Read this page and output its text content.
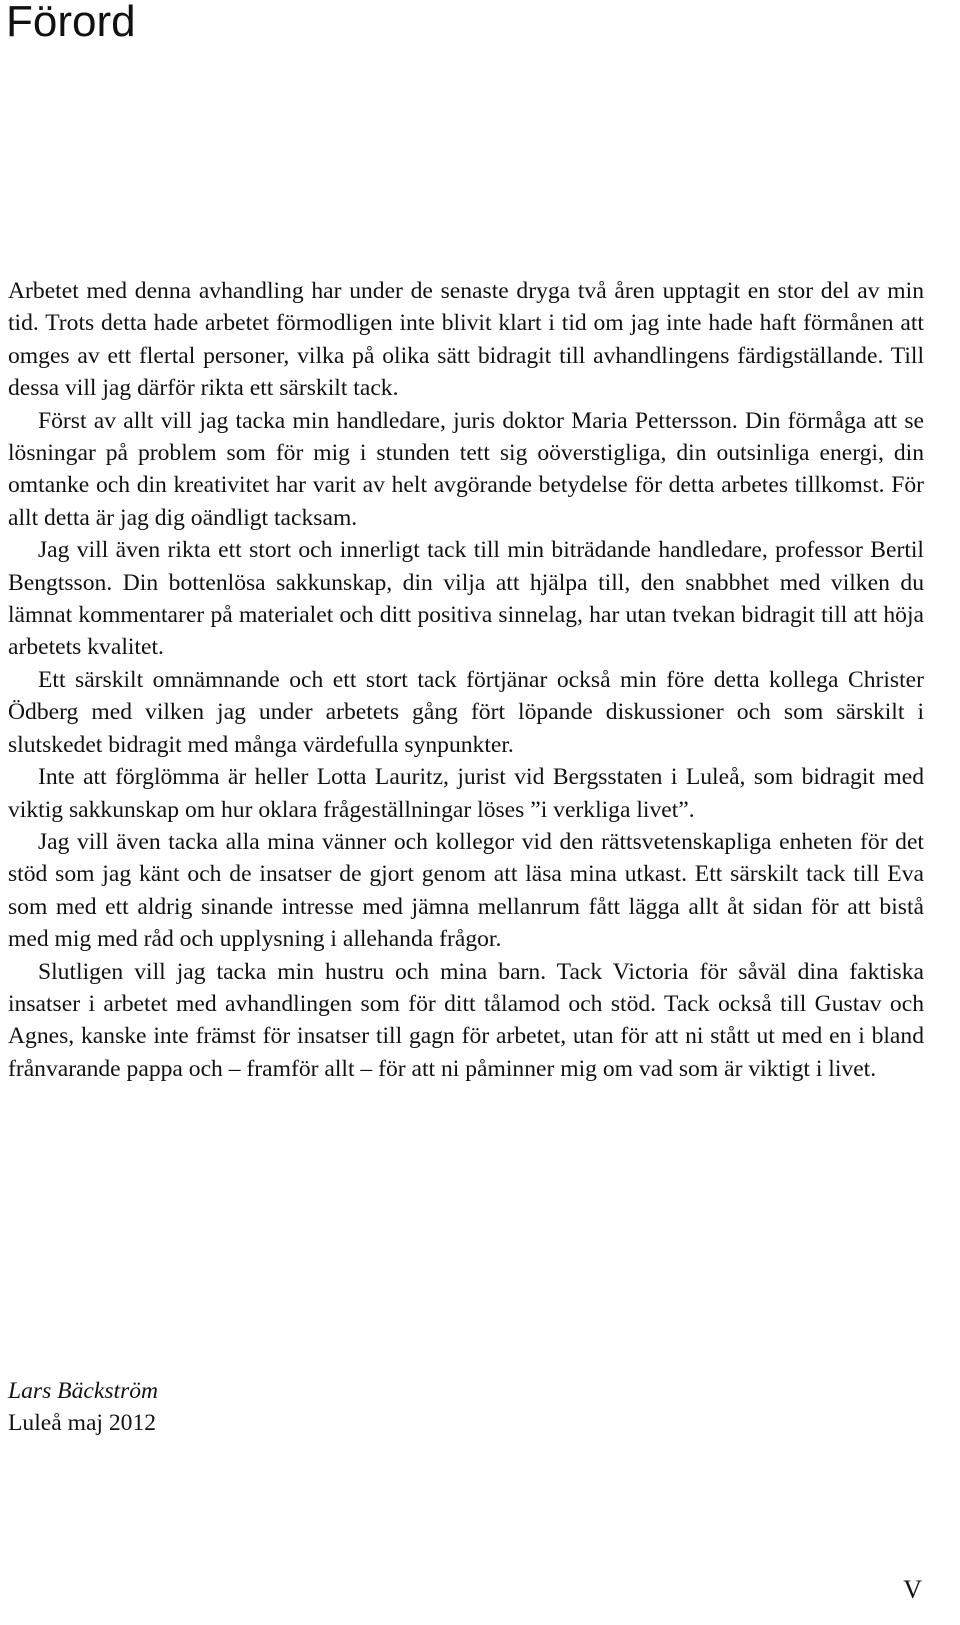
Förord

Arbetet med denna avhandling har under de senaste dryga två åren upptagit en stor del av min tid. Trots detta hade arbetet förmodligen inte blivit klart i tid om jag inte hade haft förmånen att omges av ett flertal personer, vilka på olika sätt bidragit till avhandlingens färdigställande. Till dessa vill jag därför rikta ett särskilt tack.

Först av allt vill jag tacka min handledare, juris doktor Maria Pettersson. Din förmåga att se lösningar på problem som för mig i stunden tett sig oöverstigliga, din outsinliga energi, din omtanke och din kreativitet har varit av helt avgörande betydelse för detta arbetes tillkomst. För allt detta är jag dig oändligt tacksam.

Jag vill även rikta ett stort och innerligt tack till min biträdande handledare, professor Bertil Bengtsson. Din bottenlösa sakkunskap, din vilja att hjälpa till, den snabbhet med vilken du lämnat kommentarer på materialet och ditt positiva sinnelag, har utan tvekan bidragit till att höja arbetets kvalitet.

Ett särskilt omnämnande och ett stort tack förtjänar också min före detta kollega Christer Ödberg med vilken jag under arbetets gång fört löpande diskussioner och som särskilt i slutskedet bidragit med många värdefulla synpunkter.

Inte att förglömma är heller Lotta Lauritz, jurist vid Bergsstaten i Luleå, som bidragit med viktig sakkunskap om hur oklara frågeställningar löses ”i verkliga livet”.

Jag vill även tacka alla mina vänner och kollegor vid den rättsvetenskapliga enheten för det stöd som jag känt och de insatser de gjort genom att läsa mina utkast. Ett särskilt tack till Eva som med ett aldrig sinande intresse med jämna mellanrum fått lägga allt åt sidan för att bistå med mig med råd och upplysning i allehanda frågor.

Slutligen vill jag tacka min hustru och mina barn. Tack Victoria för såväl dina faktiska insatser i arbetet med avhandlingen som för ditt tålamod och stöd. Tack också till Gustav och Agnes, kanske inte främst för insatser till gagn för arbetet, utan för att ni stått ut med en i bland frånvarande pappa och – framför allt – för att ni påminner mig om vad som är viktigt i livet.

Lars Bäckström
Luleå maj 2012
V
